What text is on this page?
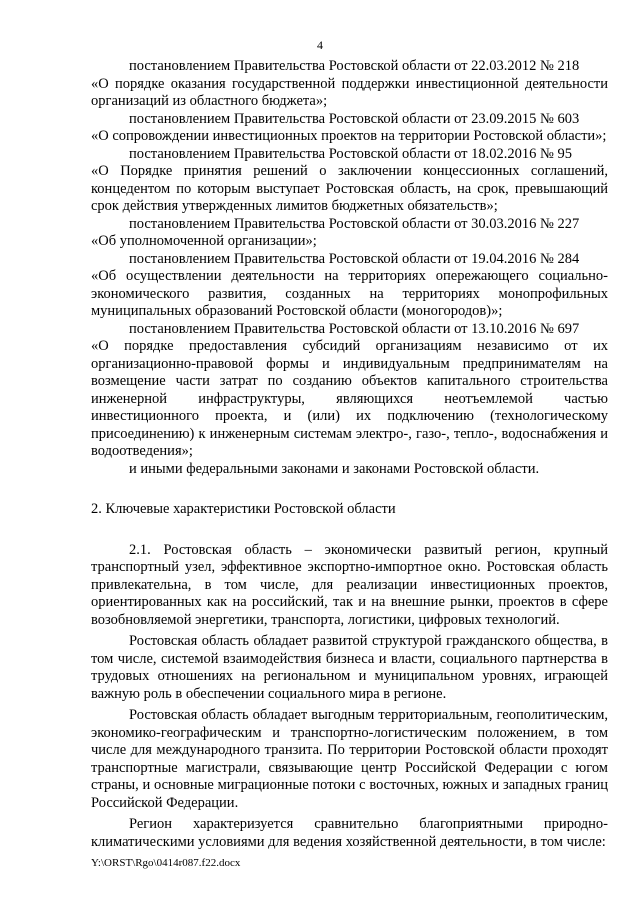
4

постановлением Правительства Ростовской области от 22.03.2012 № 218

«О порядке оказания государственной поддержки инвестиционной деятельности организаций из областного бюджета»;

постановлением Правительства Ростовской области от 23.09.2015 № 603

«О сопровождении инвестиционных проектов на территории Ростовской области»;

постановлением Правительства Ростовской области от 18.02.2016 № 95

«О Порядке принятия решений о заключении концессионных соглашений, концедентом по которым выступает Ростовская область, на срок, превышающий срок действия утвержденных лимитов бюджетных обязательств»;

постановлением Правительства Ростовской области от 30.03.2016 № 227

«Об уполномоченной организации»;

постановлением Правительства Ростовской области от 19.04.2016 № 284

«Об осуществлении деятельности на территориях опережающего социально-экономического развития, созданных на территориях монопрофильных муниципальных образований Ростовской области (моногородов)»;

постановлением Правительства Ростовской области от 13.10.2016 № 697

«О порядке предоставления субсидий организациям независимо от их организационно-правовой формы и индивидуальным предпринимателям на возмещение части затрат по созданию объектов капитального строительства инженерной инфраструктуры, являющихся неотъемлемой частью инвестиционного проекта, и (или) их подключению (технологическому присоединению) к инженерным системам электро-, газо-, тепло-, водоснабжения и водоотведения»;

и иными федеральными законами и законами Ростовской области.

2. Ключевые характеристики Ростовской области

2.1. Ростовская область – экономически развитый регион, крупный транспортный узел, эффективное экспортно-импортное окно. Ростовская область привлекательна, в том числе, для реализации инвестиционных проектов, ориентированных как на российский, так и на внешние рынки, проектов в сфере возобновляемой энергетики, транспорта, логистики, цифровых технологий.

Ростовская область обладает развитой структурой гражданского общества, в том числе, системой взаимодействия бизнеса и власти, социального партнерства в трудовых отношениях на региональном и муниципальном уровнях, играющей важную роль в обеспечении социального мира в регионе.

Ростовская область обладает выгодным территориальным, геополитическим, экономико-географическим и транспортно-логистическим положением, в том числе для международного транзита. По территории Ростовской области проходят транспортные магистрали, связывающие центр Российской Федерации с югом страны, и основные миграционные потоки с восточных, южных и западных границ Российской Федерации.

Регион характеризуется сравнительно благоприятными природно-климатическими условиями для ведения хозяйственной деятельности, в том числе:

Y:\ORST\Rgo\0414r087.f22.docx
